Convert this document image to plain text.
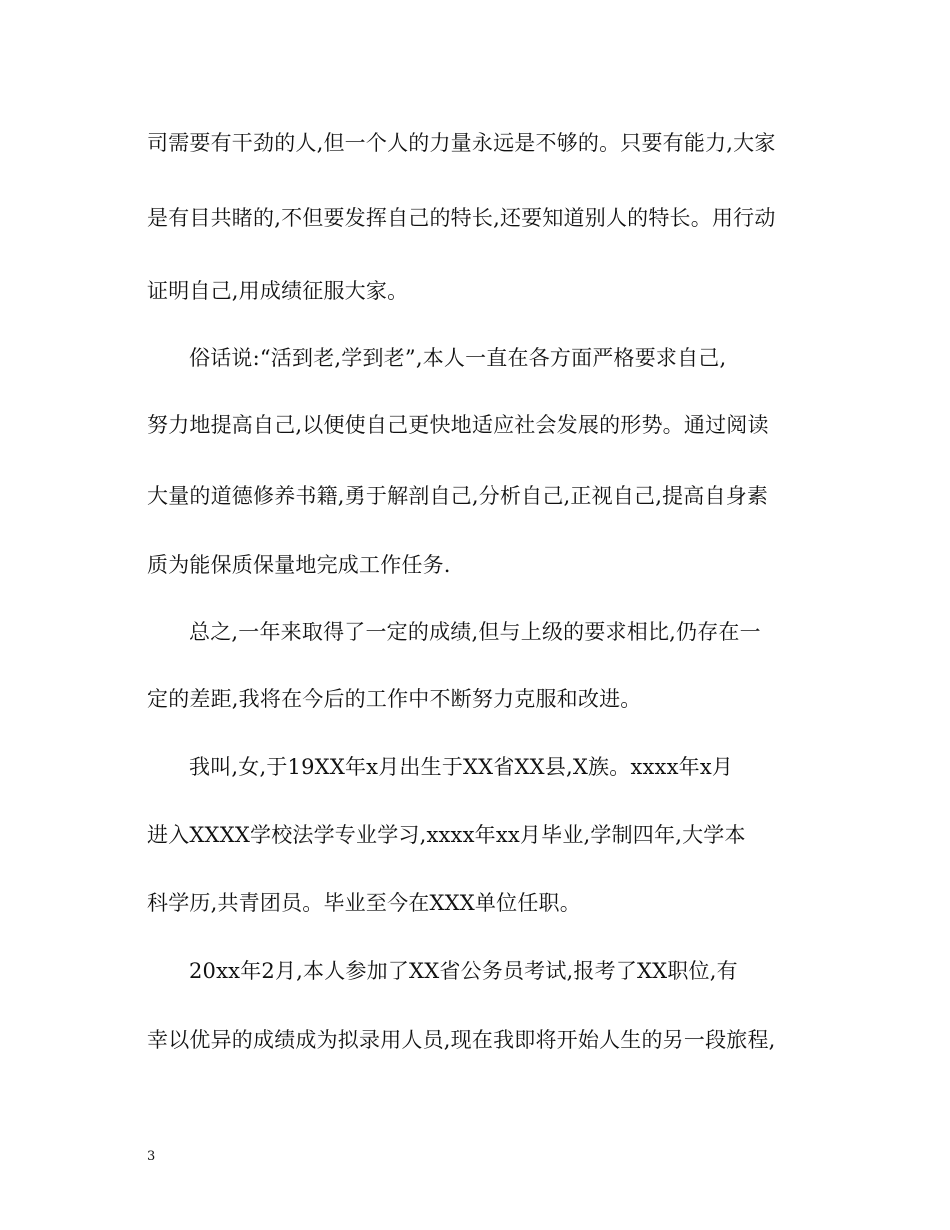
司需要有干劲的人,但一个人的力量永远是不够的。只要有能力,大家
是有目共睹的,不但要发挥自己的特长,还要知道别人的特长。用行动
证明自己,用成绩征服大家。
俗话说:“活到老,学到老”,本人一直在各方面严格要求自己,
努力地提高自己,以便使自己更快地适应社会发展的形势。通过阅读
大量的道德修养书籍,勇于解剖自己,分析自己,正视自己,提高自身素
质为能保质保量地完成工作任务.
总之,一年来取得了一定的成绩,但与上级的要求相比,仍存在一
定的差距,我将在今后的工作中不断努力克服和改进。
我叫,女,于19XX年x月出生于XX省XX县,X族。xxxx年x月
进入XXXX学校法学专业学习,xxxx年xx月毕业,学制四年,大学本
科学历,共青团员。毕业至今在XXX单位任职。
20xx年2月,本人参加了XX省公务员考试,报考了XX职位,有
幸以优异的成绩成为拟录用人员,现在我即将开始人生的另一段旅程,
3
